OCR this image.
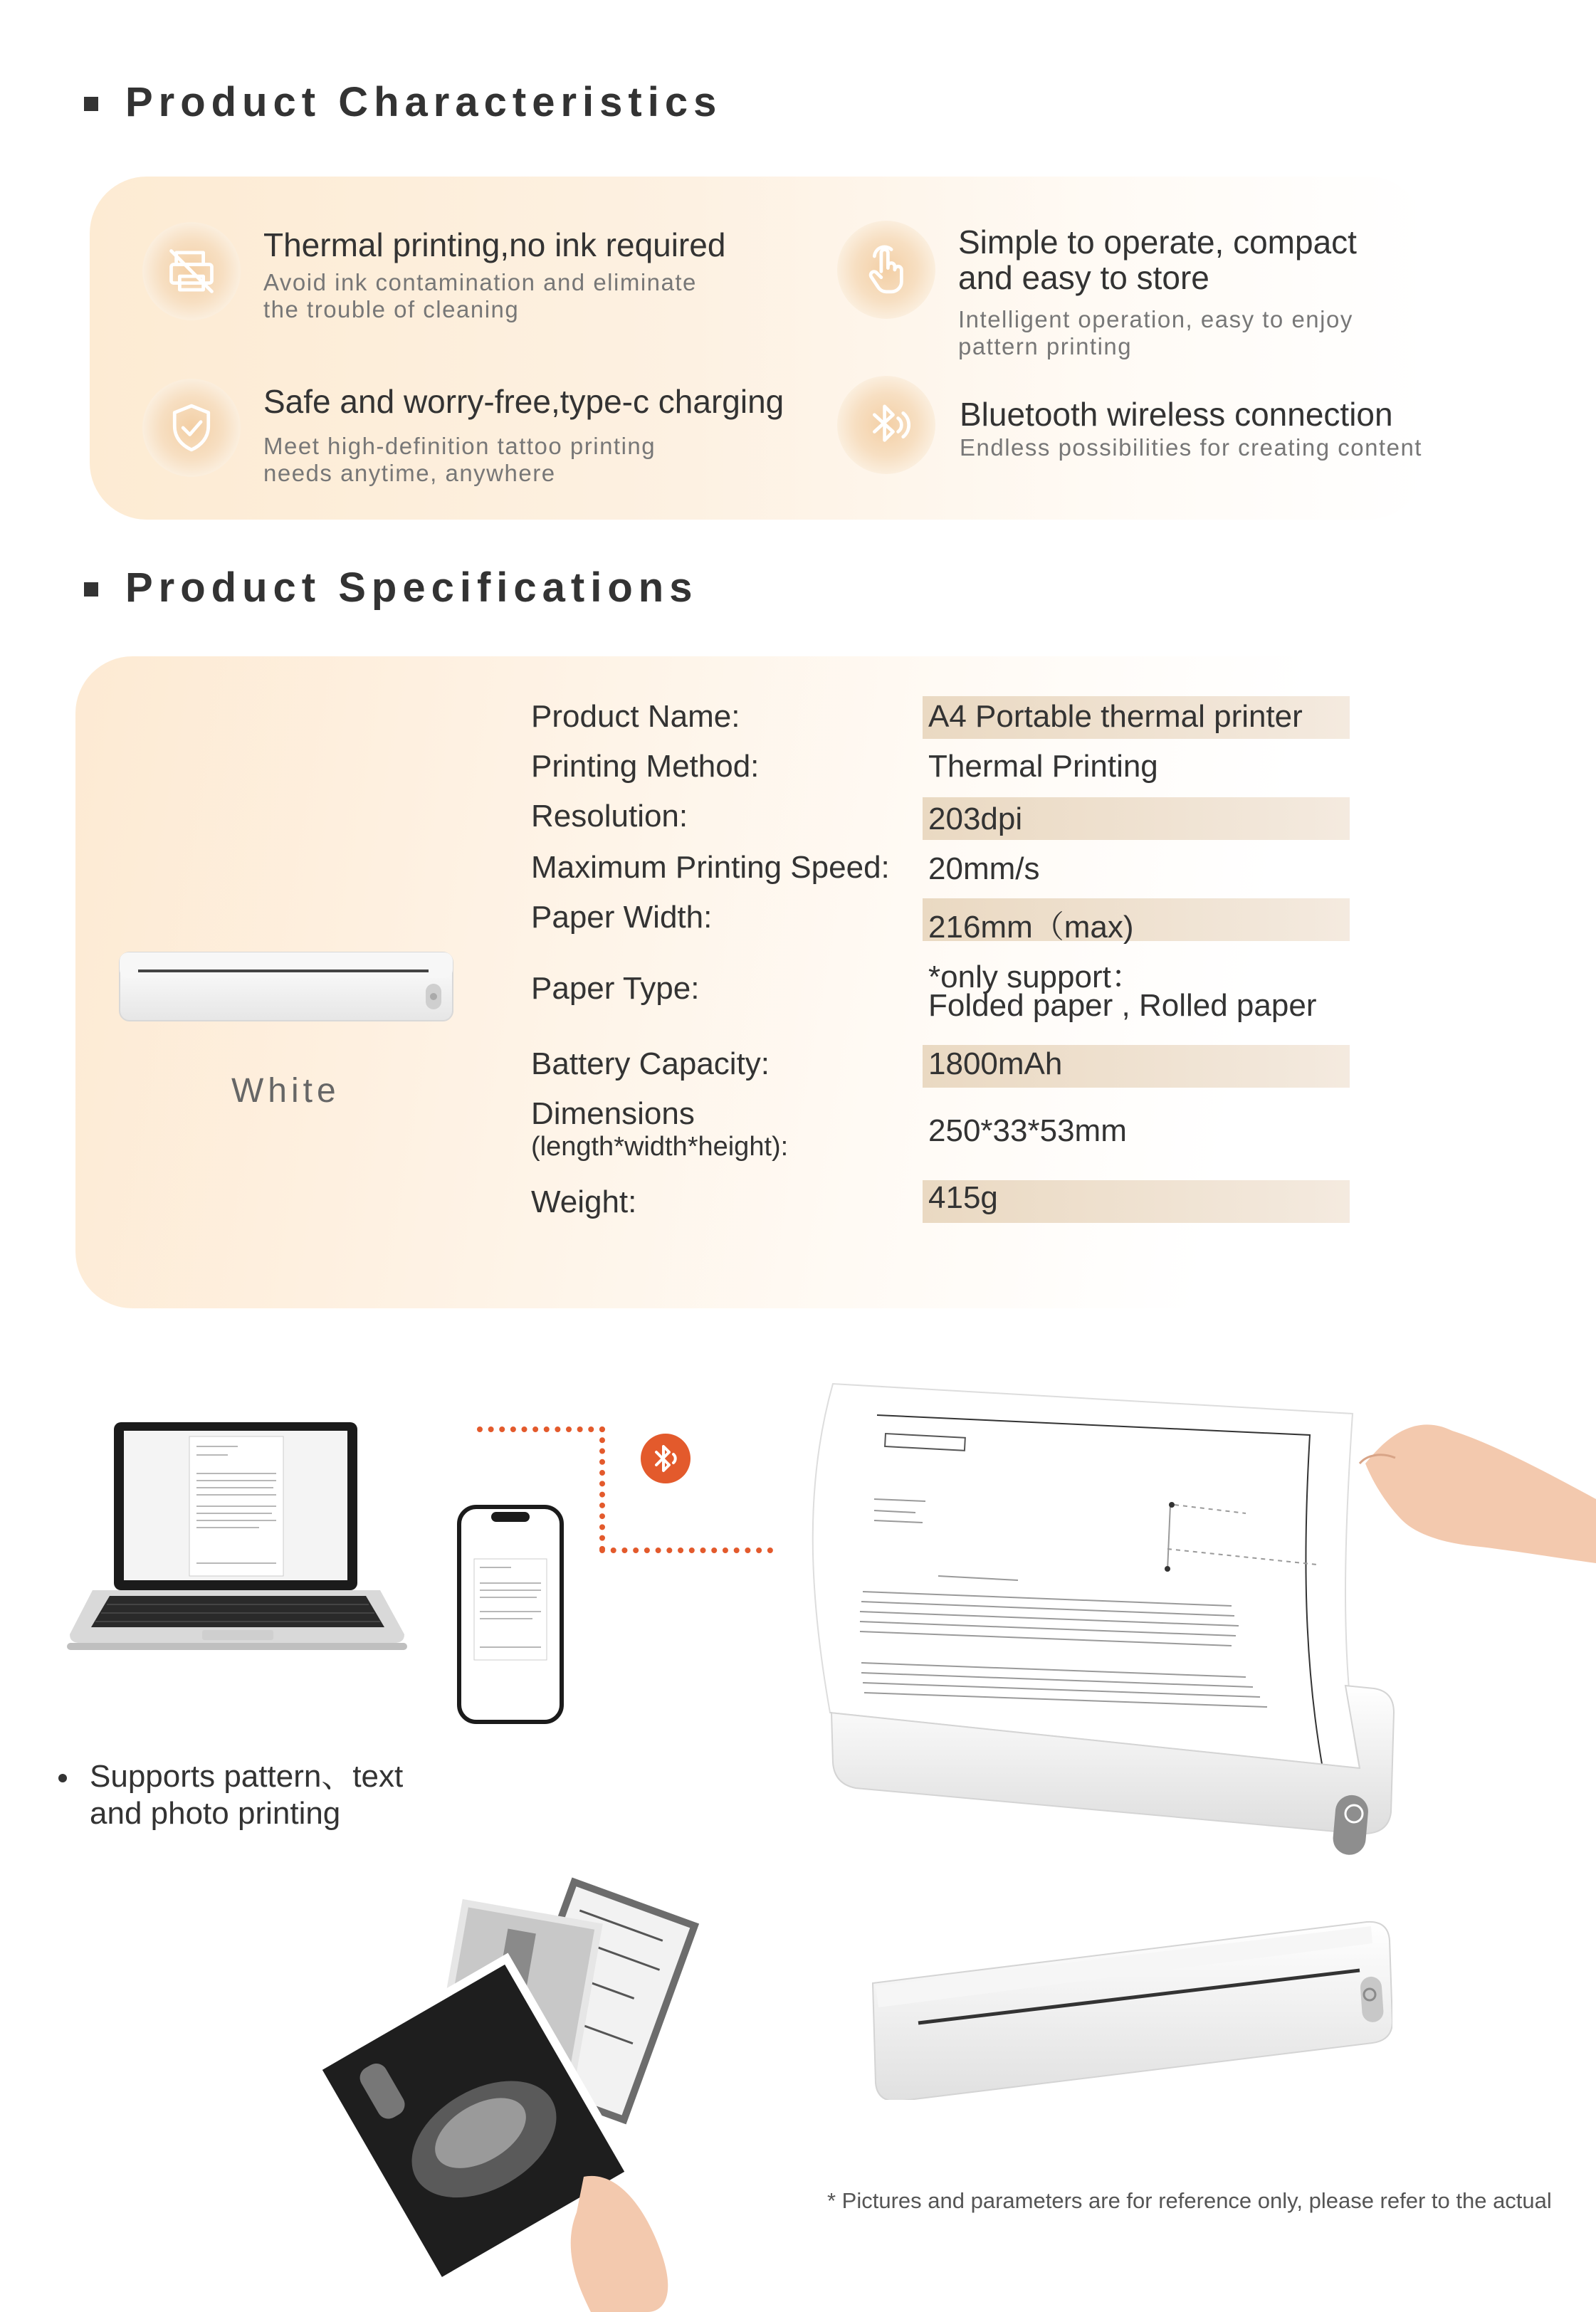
Product Characteristics
Thermal printing,no ink required
Avoid ink contamination and eliminate
the trouble of cleaning
Simple to operate, compact
and easy to store
Intelligent operation, easy to enjoy
pattern printing
Safe and worry-free,type-c charging
Meet high-definition tattoo printing
needs anytime, anywhere
Bluetooth wireless connection
Endless possibilities for creating content
Product Specifications
White
Product Name:	A4 Portable thermal printer
Printing Method:	Thermal Printing
Resolution:	203dpi
Maximum Printing Speed: 20mm/s
Paper Width:	216mm（max)
Paper Type:	*only support：
Folded paper , Rolled paper
Battery Capacity:	1800mAh
Dimensions
(length*width*height):	250*33*53mm
Weight:	415g
Supports pattern、text
and photo printing
* Pictures and parameters are for reference only, please refer to the actual
